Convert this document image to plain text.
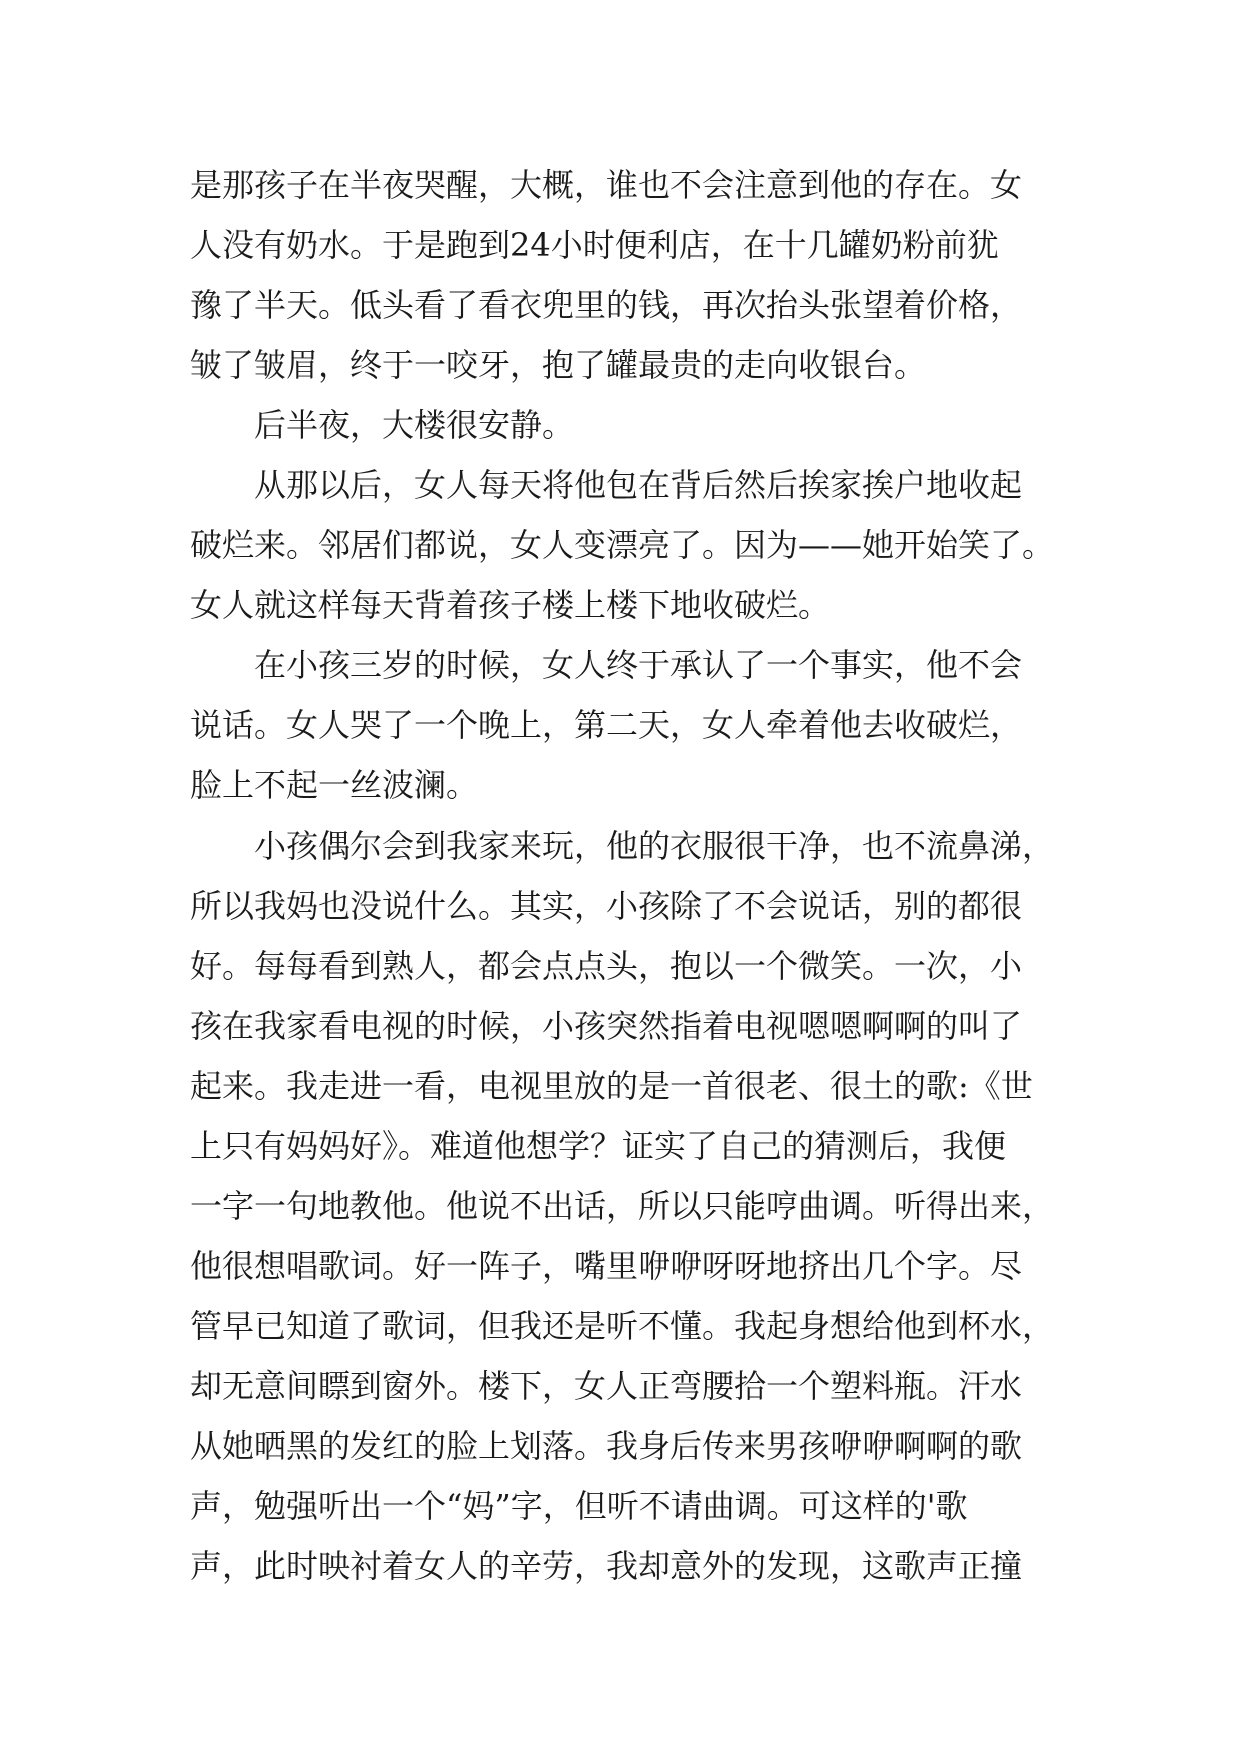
是那孩子在半夜哭醒，大概，谁也不会注意到他的存在。女
人没有奶水。于是跑到24小时便利店，在十几罐奶粉前犹
豫了半天。低头看了看衣兜里的钱，再次抬头张望着价格，
皱了皱眉，终于一咬牙，抱了罐最贵的走向收银台。
后半夜，大楼很安静。
从那以后，女人每天将他包在背后然后挨家挨户地收起
破烂来。邻居们都说，女人变漂亮了。因为——她开始笑了。
女人就这样每天背着孩子楼上楼下地收破烂。
在小孩三岁的时候，女人终于承认了一个事实，他不会
说话。女人哭了一个晚上，第二天，女人牵着他去收破烂，
脸上不起一丝波澜。
小孩偶尔会到我家来玩，他的衣服很干净，也不流鼻涕，
所以我妈也没说什么。其实，小孩除了不会说话，别的都很
好。每每看到熟人，都会点点头，抱以一个微笑。一次，小
孩在我家看电视的时候，小孩突然指着电视嗯嗯啊啊的叫了
起来。我走进一看，电视里放的是一首很老、很土的歌:《世
上只有妈妈好》。难道他想学？证实了自己的猜测后，我便
一字一句地教他。他说不出话，所以只能哼曲调。听得出来，
他很想唱歌词。好一阵子，嘴里咿咿呀呀地挤出几个字。尽
管早已知道了歌词，但我还是听不懂。我起身想给他到杯水，
却无意间瞟到窗外。楼下，女人正弯腰拾一个塑料瓶。汗水
从她晒黑的发红的脸上划落。我身后传来男孩咿咿啊啊的歌
声，勉强听出一个“妈”字，但听不请曲调。可这样的'歌
声，此时映衬着女人的辛劳，我却意外的发现，这歌声正撞
